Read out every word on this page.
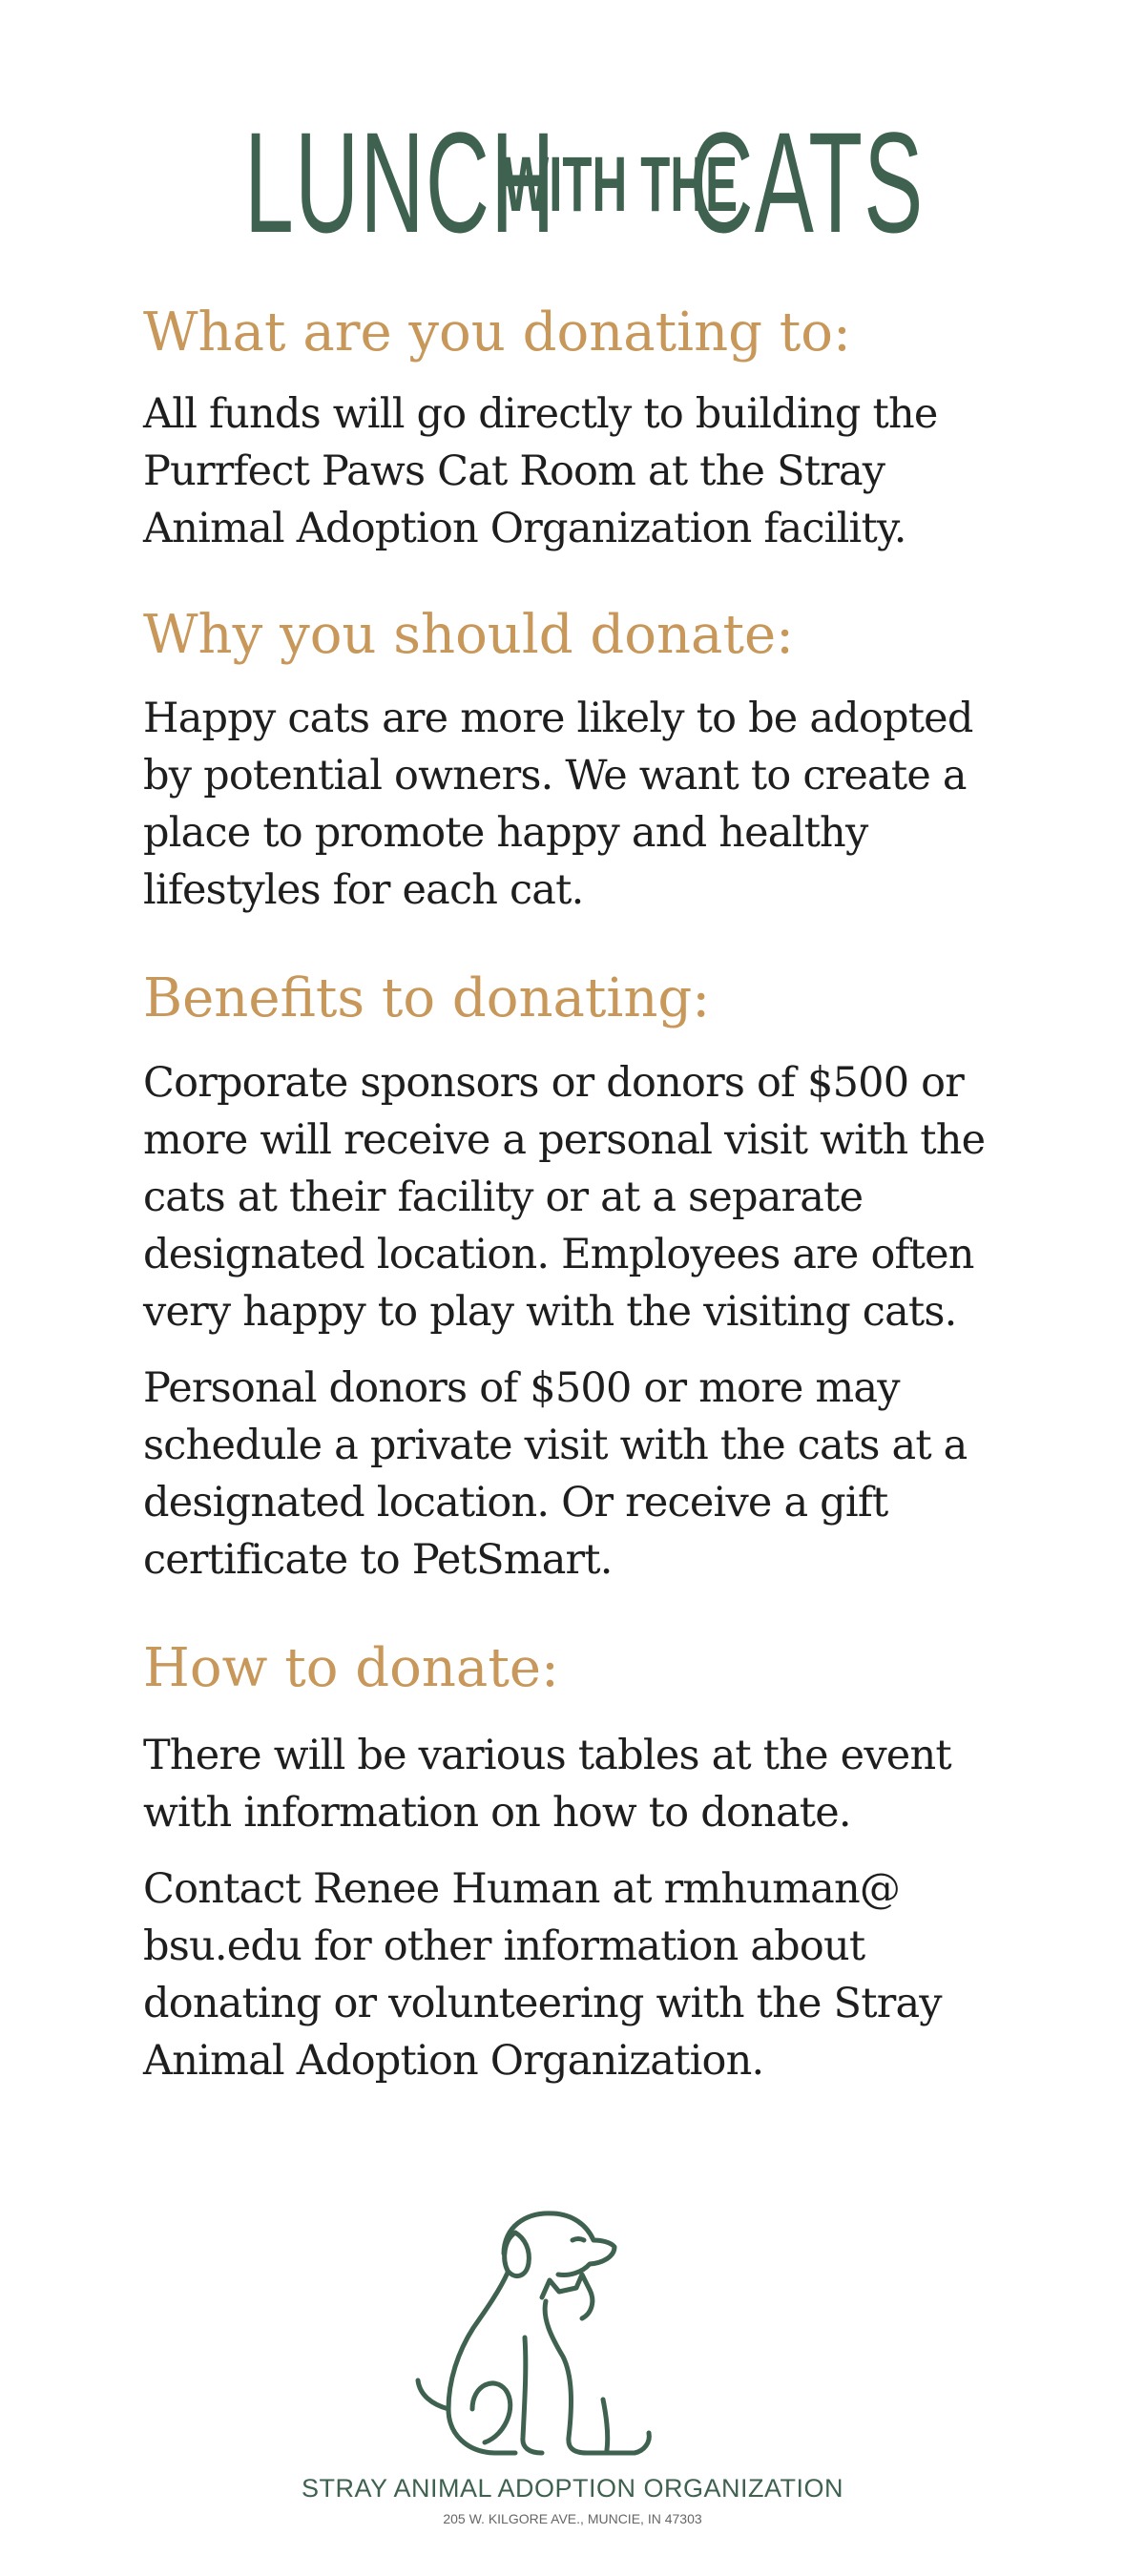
LUNCH WITH THE CATS
What are you donating to:

All funds will go directly to building the Purrfect Paws Cat Room at the Stray Animal Adoption Organization facility.

Why you should donate:

Happy cats are more likely to be adopted by potential owners. We want to create a place to promote happy and healthy lifestyles for each cat.

Benefits to donating:

Corporate sponsors or donors of $500 or more will receive a personal visit with the cats at their facility or at a separate designated location. Employees are often very happy to play with the visiting cats.

Personal donors of $500 or more may schedule a private visit with the cats at a designated location. Or receive a gift certificate to PetSmart.

How to donate:

There will be various tables at the event with information on how to donate.

Contact Renee Human at rmhuman@ bsu.edu for other information about donating or volunteering with the Stray Animal Adoption Organization.

STRAY ANIMAL ADOPTION ORGANIZATION
205 W. KILGORE AVE., MUNCIE, IN 47303
